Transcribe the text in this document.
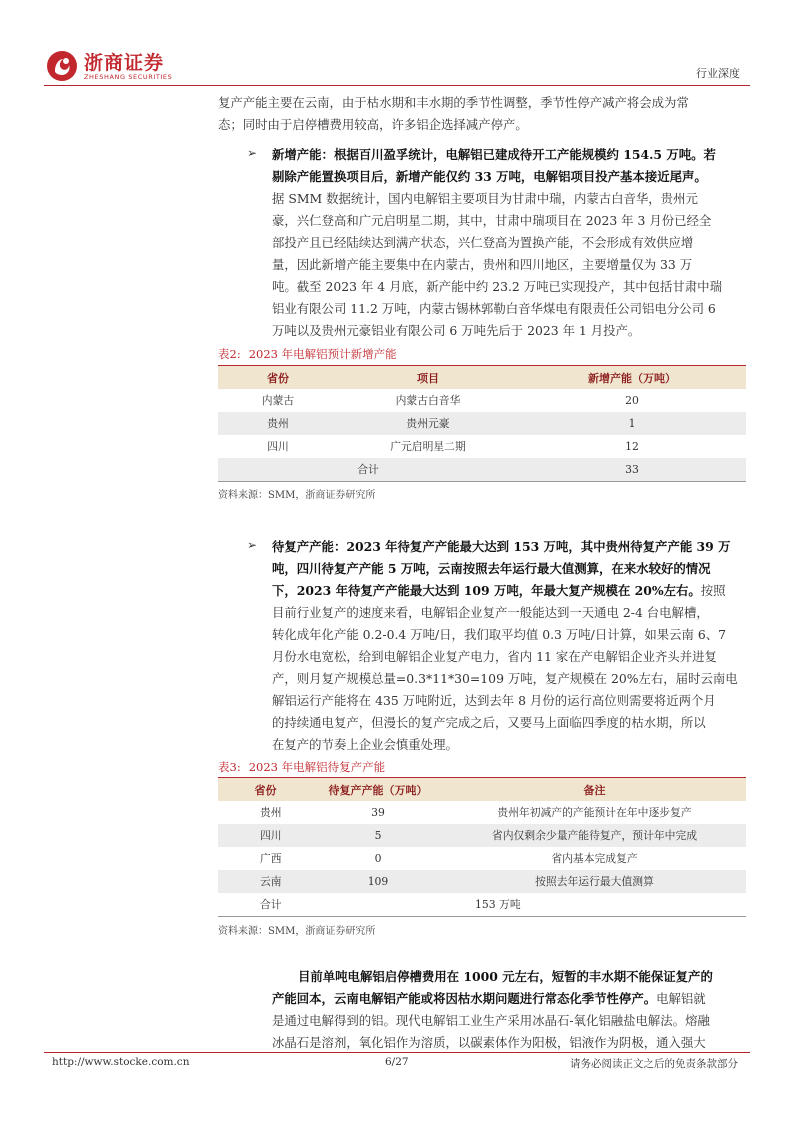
浙商证券
ZHESHANG SECURITIES	行业深度
复产产能主要在云南，由于枯水期和丰水期的季节性调整，季节性停产减产将会成为常
态；同时由于启停槽费用较高，许多铝企选择减产停产。
➢ 新增产能：根据百川盈孚统计，电解铝已建成待开工产能规模约 154.5 万吨。若
剔除产能置换项目后，新增产能仅约 33 万吨，电解铝项目投产基本接近尾声。
据 SMM 数据统计，国内电解铝主要项目为甘肃中瑞，内蒙古白音华，贵州元
豪，兴仁登高和广元启明星二期，其中，甘肃中瑞项目在 2023 年 3 月份已经全
部投产且已经陆续达到满产状态，兴仁登高为置换产能，不会形成有效供应增
量，因此新增产能主要集中在内蒙古，贵州和四川地区，主要增量仅为 33 万
吨。截至 2023 年 4 月底，新产能中约 23.2 万吨已实现投产，其中包括甘肃中瑞
铝业有限公司 11.2 万吨，内蒙古锡林郭勒白音华煤电有限责任公司铝电分公司 6
万吨以及贵州元豪铝业有限公司 6 万吨先后于 2023 年 1 月投产。
表2: 2023 年电解铝预计新增产能
省份	项目	新增产能（万吨）
内蒙古	内蒙古白音华	20
贵州	贵州元豪	1
四川	广元启明星二期	12
合计		33
资料来源：SMM，浙商证券研究所
➢ 待复产产能：2023 年待复产产能最大达到 153 万吨，其中贵州待复产产能 39 万
吨，四川待复产产能 5 万吨，云南按照去年运行最大值测算，在来水较好的情况
下，2023 年待复产产能最大达到 109 万吨，年最大复产规模在 20%左右。按照
目前行业复产的速度来看，电解铝企业复产一般能达到一天通电 2-4 台电解槽，
转化成年化产能 0.2-0.4 万吨/日，我们取平均值 0.3 万吨/日计算，如果云南 6、7
月份水电宽松，给到电解铝企业复产电力，省内 11 家在产电解铝企业齐头并进复
产，则月复产规模总量=0.3*11*30=109 万吨，复产规模在 20%左右，届时云南电
解铝运行产能将在 435 万吨附近，达到去年 8 月份的运行高位则需要将近两个月
的持续通电复产，但漫长的复产完成之后，又要马上面临四季度的枯水期，所以
在复产的节奏上企业会慎重处理。
表3: 2023 年电解铝待复产产能
省份	待复产产能（万吨）	备注
贵州	39	贵州年初减产的产能预计在年中逐步复产
四川	5	省内仅剩余少量产能待复产，预计年中完成
广西	0	省内基本完成复产
云南	109	按照去年运行最大值测算
合计	153 万吨	
资料来源：SMM，浙商证券研究所
目前单吨电解铝启停槽费用在 1000 元左右，短暂的丰水期不能保证复产的
产能回本，云南电解铝产能或将因枯水期问题进行常态化季节性停产。电解铝就
是通过电解得到的铝。现代电解铝工业生产采用冰晶石-氧化铝融盐电解法。熔融
冰晶石是溶剂，氧化铝作为溶质，以碳素体作为阳极，铝液作为阴极，通入强大
http://www.stocke.com.cn	6/27	请务必阅读正文之后的免责条款部分
